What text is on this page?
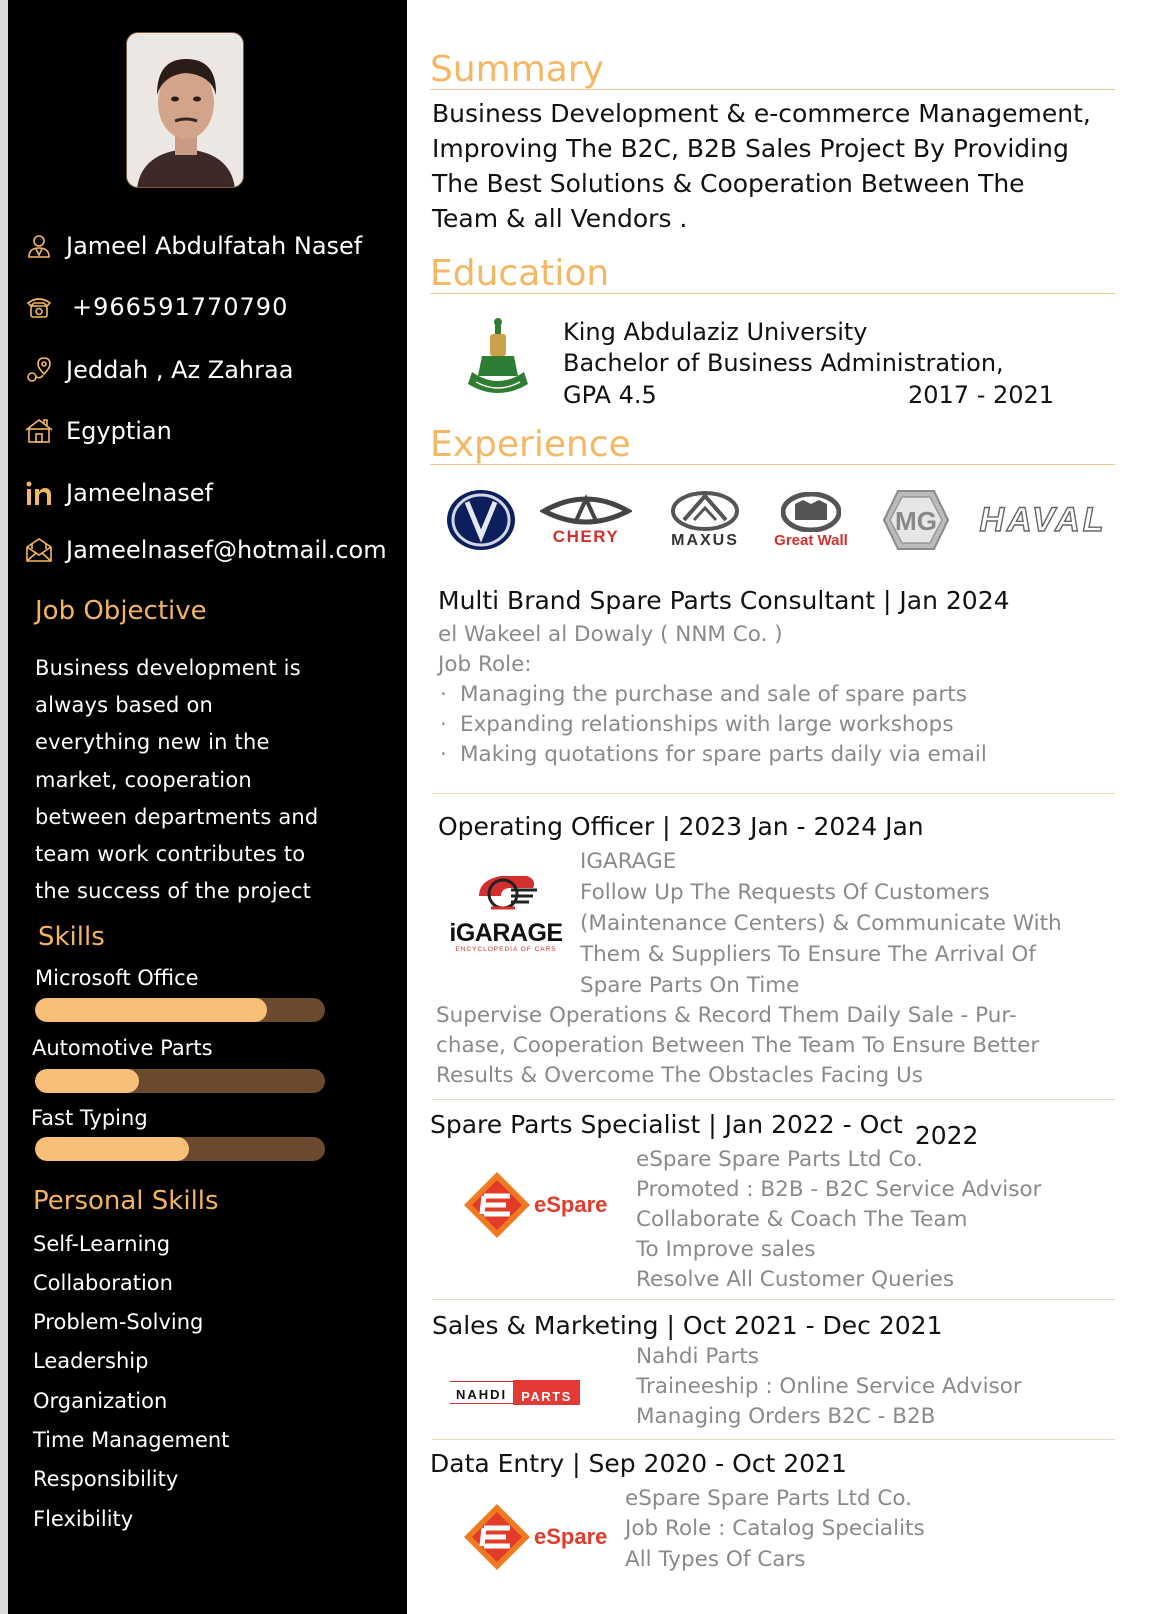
Jameel Abdulfatah Nasef
+966591770790
Jeddah , Az Zahraa
Egyptian
Jameelnasef
Jameelnasef@hotmail.com
Job Objective
Business development is
always based on
everything new in the
market, cooperation
between departments and
team work contributes to
the success of the project
Skills
Microsoft Office
Automotive Parts
Fast Typing
Personal Skills
Self-Learning
Collaboration
Problem-Solving
Leadership
Organization
Time Management
Responsibility
Flexibility
Summary
Business Development & e-commerce Management,
Improving The B2C, B2B Sales Project By Providing
The Best Solutions & Cooperation Between The
Team & all Vendors .
Education
King Abdulaziz University
Bachelor of Business Administration,
GPA 4.5	2017 - 2021
Experience
CHERY	MAXUS Great Wall
MG HAVAL
Multi Brand Spare Parts Consultant | Jan 2024
el Wakeel al Dowaly ( NNM Co. )
Job Role:
· Managing the purchase and sale of spare parts
· Expanding relationships with large workshops
· Making quotations for spare parts daily via email
Operating Officer | 2023 Jan - 2024 Jan
iGARAGE
ENCYCLOPEDIA OF CARS
IGARAGE
Follow Up The Requests Of Customers
(Maintenance Centers) & Communicate With
Them & Suppliers To Ensure The Arrival Of
Spare Parts On Time
Supervise Operations & Record Them Daily Sale - Pur-
chase, Cooperation Between The Team To Ensure Better
Results & Overcome The Obstacles Facing Us
Spare Parts Specialist | Jan 2022 - Oct 2022
eSpare
eSpare Spare Parts Ltd Co.
Promoted : B2B - B2C Service Advisor
Collaborate & Coach The Team
To Improve sales
Resolve All Customer Queries
Sales & Marketing | Oct 2021 - Dec 2021
NAHDI	PARTS
Nahdi Parts
Traineeship : Online Service Advisor
Managing Orders B2C - B2B
Data Entry | Sep 2020 - Oct 2021
eSpare
eSpare Spare Parts Ltd Co.
Job Role : Catalog Specialits
All Types Of Cars
